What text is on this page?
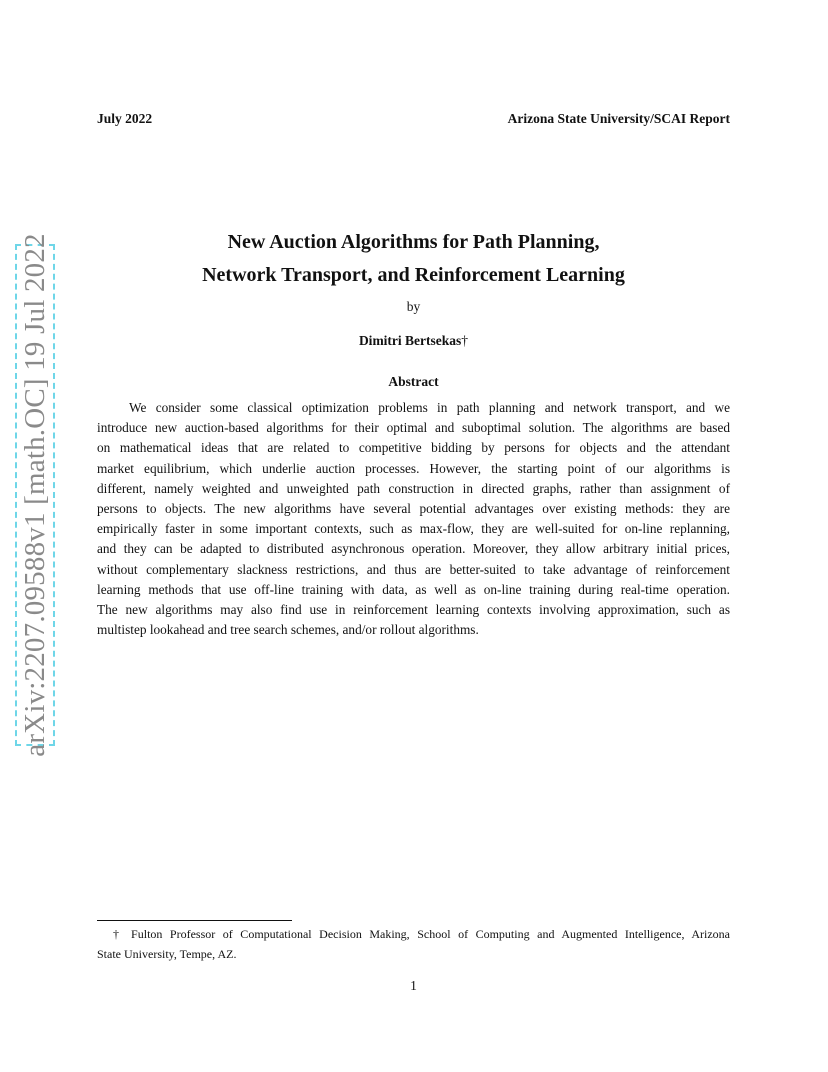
July 2022	Arizona State University/SCAI Report
arXiv:2207.09588v1 [math.OC] 19 Jul 2022	New Auction Algorithms for Path Planning,
Network Transport, and Reinforcement Learning
by
Dimitri Bertsekas†
Abstract
We consider some classical optimization problems in path planning and network transport, and we
introduce new auction-based algorithms for their optimal and suboptimal solution. The algorithms are based
on mathematical ideas that are related to competitive bidding by persons for objects and the attendant
market equilibrium, which underlie auction processes. However, the starting point of our algorithms is
different, namely weighted and unweighted path construction in directed graphs, rather than assignment of
persons to objects. The new algorithms have several potential advantages over existing methods: they are
empirically faster in some important contexts, such as max-flow, they are well-suited for on-line replanning,
and they can be adapted to distributed asynchronous operation. Moreover, they allow arbitrary initial prices,
without complementary slackness restrictions, and thus are better-suited to take advantage of reinforcement
learning methods that use off-line training with data, as well as on-line training during real-time operation.
The new algorithms may also find use in reinforcement learning contexts involving approximation, such as
multistep lookahead and tree search schemes, and/or rollout algorithms.
† Fulton Professor of Computational Decision Making, School of Computing and Augmented Intelligence, Arizona
State University, Tempe, AZ.
1
